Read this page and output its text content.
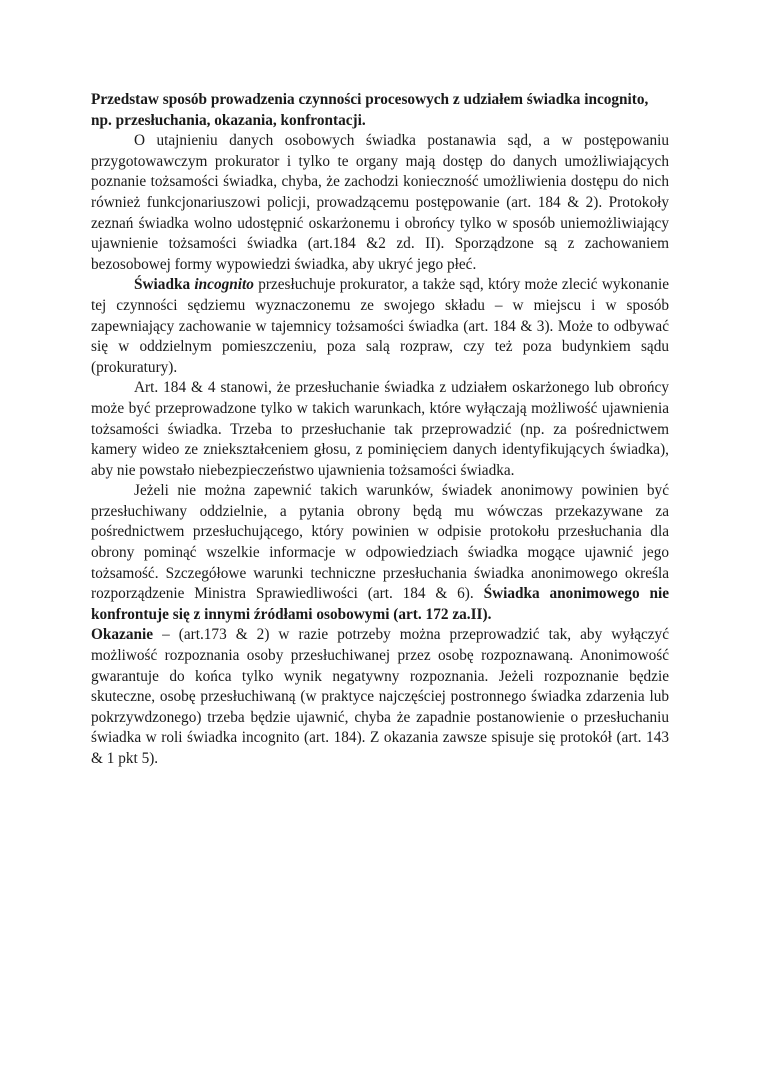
Przedstaw sposób prowadzenia czynności procesowych z udziałem świadka incognito, np. przesłuchania, okazania, konfrontacji.

O utajnieniu danych osobowych świadka postanawia sąd, a w postępowaniu przygotowawczym prokurator i tylko te organy mają dostęp do danych umożliwiających poznanie tożsamości świadka, chyba, że zachodzi konieczność umożliwienia dostępu do nich również funkcjonariuszowi policji, prowadzącemu postępowanie (art. 184 & 2). Protokoły zeznań świadka wolno udostępnić oskarżonemu i obrońcy tylko w sposób uniemożliwiający ujawnienie tożsamości świadka (art.184 &2 zd. II). Sporządzone są z zachowaniem bezosobowej formy wypowiedzi świadka, aby ukryć jego płeć.

Świadka incognito przesłuchuje prokurator, a także sąd, który może zlecić wykonanie tej czynności sędziemu wyznaczonemu ze swojego składu – w miejscu i w sposób zapewniający zachowanie w tajemnicy tożsamości świadka (art. 184 & 3). Może to odbywać się w oddzielnym pomieszczeniu, poza salą rozpraw, czy też poza budynkiem sądu (prokuratury).

Art. 184 & 4 stanowi, że przesłuchanie świadka z udziałem oskarżonego lub obrońcy może być przeprowadzone tylko w takich warunkach, które wyłączają możliwość ujawnienia tożsamości świadka. Trzeba to przesłuchanie tak przeprowadzić (np. za pośrednictwem kamery wideo ze zniekształceniem głosu, z pominięciem danych identyfikujących świadka), aby nie powstało niebezpieczeństwo ujawnienia tożsamości świadka.

Jeżeli nie można zapewnić takich warunków, świadek anonimowy powinien być przesłuchiwany oddzielnie, a pytania obrony będą mu wówczas przekazywane za pośrednictwem przesłuchującego, który powinien w odpisie protokołu przesłuchania dla obrony pominąć wszelkie informacje w odpowiedziach świadka mogące ujawnić jego tożsamość. Szczegółowe warunki techniczne przesłuchania świadka anonimowego określa rozporządzenie Ministra Sprawiedliwości (art. 184 & 6). Świadka anonimowego nie konfrontuje się z innymi źródłami osobowymi (art. 172 za.II).

Okazanie – (art.173 & 2) w razie potrzeby można przeprowadzić tak, aby wyłączyć możliwość rozpoznania osoby przesłuchiwanej przez osobę rozpoznawaną. Anonimowość gwarantuje do końca tylko wynik negatywny rozpoznania. Jeżeli rozpoznanie będzie skuteczne, osobę przesłuchiwaną (w praktyce najczęściej postronnego świadka zdarzenia lub pokrzywdzonego) trzeba będzie ujawnić, chyba że zapadnie postanowienie o przesłuchaniu świadka w roli świadka incognito (art. 184). Z okazania zawsze spisuje się protokół (art. 143 & 1 pkt 5).
